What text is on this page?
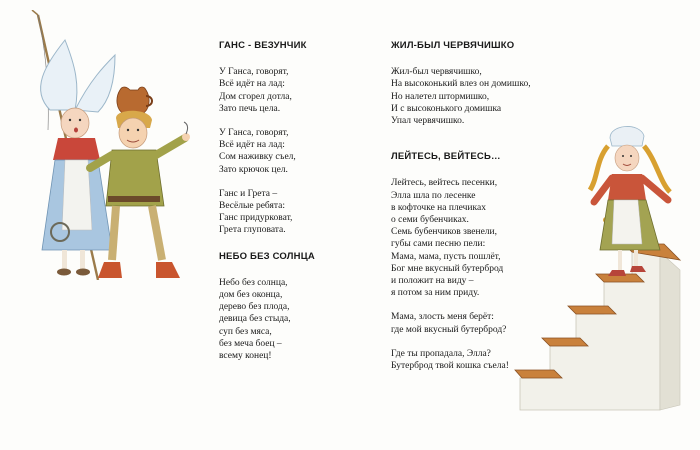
ГАНС - ВЕЗУНЧИК
У Ганса, говорят,
Всё идёт на лад:
Дом сгорел дотла,
Зато печь цела.
У Ганса, говорят,
Всё идёт на лад:
Сом наживку съел,
Зато крючок цел.
Ганс и Грета –
Весёлые ребята:
Ганс придурковат,
Грета глуповата.
НЕБО БЕЗ СОЛНЦА
Небо без солнца,
дом без оконца,
дерево без плода,
девица без стыда,
суп без мяса,
без меча боец –
всему конец!
ЖИЛ-БЫЛ ЧЕРВЯЧИШКО
Жил-был червячишко,
На высоконький влез он домишко,
Но налетел штормишко,
И с высоконького домишка
Упал червячишко.
ЛЕЙТЕСЬ, ВЕЙТЕСЬ…
Лейтесь, вейтесь песенки,
Элла шла по лесенке
в кофточке на плечиках
о семи бубенчиках.
Семь бубенчиков звенели,
губы сами песню пели:
Мама, мама, пусть пошлёт,
Бог мне вкусный бутерброд
и положит на виду –
я потом за ним приду.
Мама, злость меня берёт:
где мой вкусный бутерброд?
Где ты пропадала, Элла?
Бутерброд твой кошка съела!
